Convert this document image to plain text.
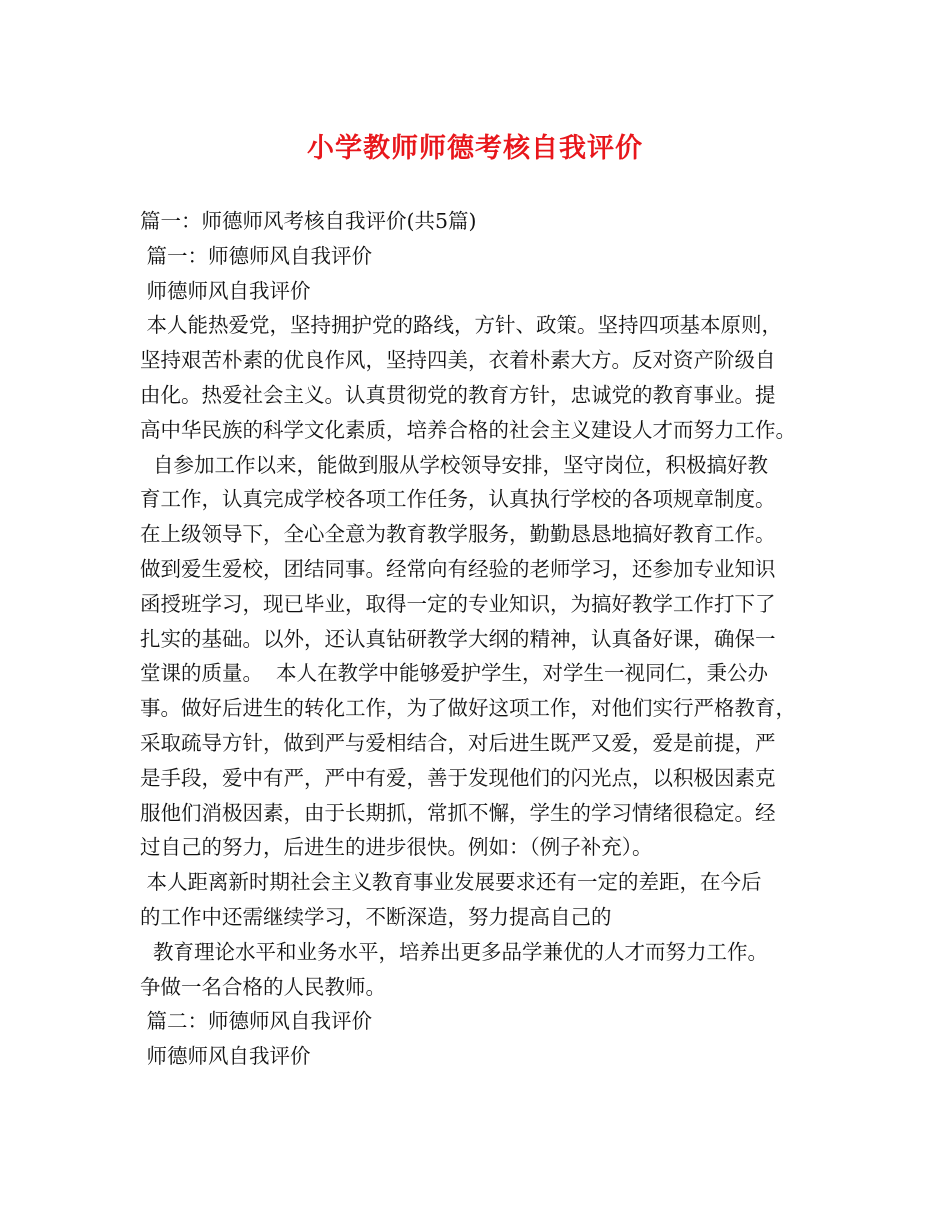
小学教师师德考核自我评价
篇一：师德师风考核自我评价(共5篇)
篇一：师德师风自我评价
师德师风自我评价
本人能热爱党，坚持拥护党的路线，方针、政策。坚持四项基本原则，
坚持艰苦朴素的优良作风，坚持四美，衣着朴素大方。反对资产阶级自
由化。热爱社会主义。认真贯彻党的教育方针，忠诚党的教育事业。提
高中华民族的科学文化素质，培养合格的社会主义建设人才而努力工作。
自参加工作以来，能做到服从学校领导安排，坚守岗位，积极搞好教
育工作，认真完成学校各项工作任务，认真执行学校的各项规章制度。
在上级领导下，全心全意为教育教学服务，勤勤恳恳地搞好教育工作。
做到爱生爱校，团结同事。经常向有经验的老师学习，还参加专业知识
函授班学习，现已毕业，取得一定的专业知识，为搞好教学工作打下了
扎实的基础。以外，还认真钻研教学大纲的精神，认真备好课，确保一
堂课的质量。  本人在教学中能够爱护学生，对学生一视同仁，秉公办
事。做好后进生的转化工作，为了做好这项工作，对他们实行严格教育，
采取疏导方针，做到严与爱相结合，对后进生既严又爱，爱是前提，严
是手段，爱中有严，严中有爱，善于发现他们的闪光点，以积极因素克
服他们消极因素，由于长期抓，常抓不懈，学生的学习情绪很稳定。经
过自己的努力，后进生的进步很快。例如：（例子补充）。
本人距离新时期社会主义教育事业发展要求还有一定的差距，在今后
的工作中还需继续学习，不断深造，努力提高自己的
教育理论水平和业务水平，培养出更多品学兼优的人才而努力工作。
争做一名合格的人民教师。
篇二：师德师风自我评价
师德师风自我评价
